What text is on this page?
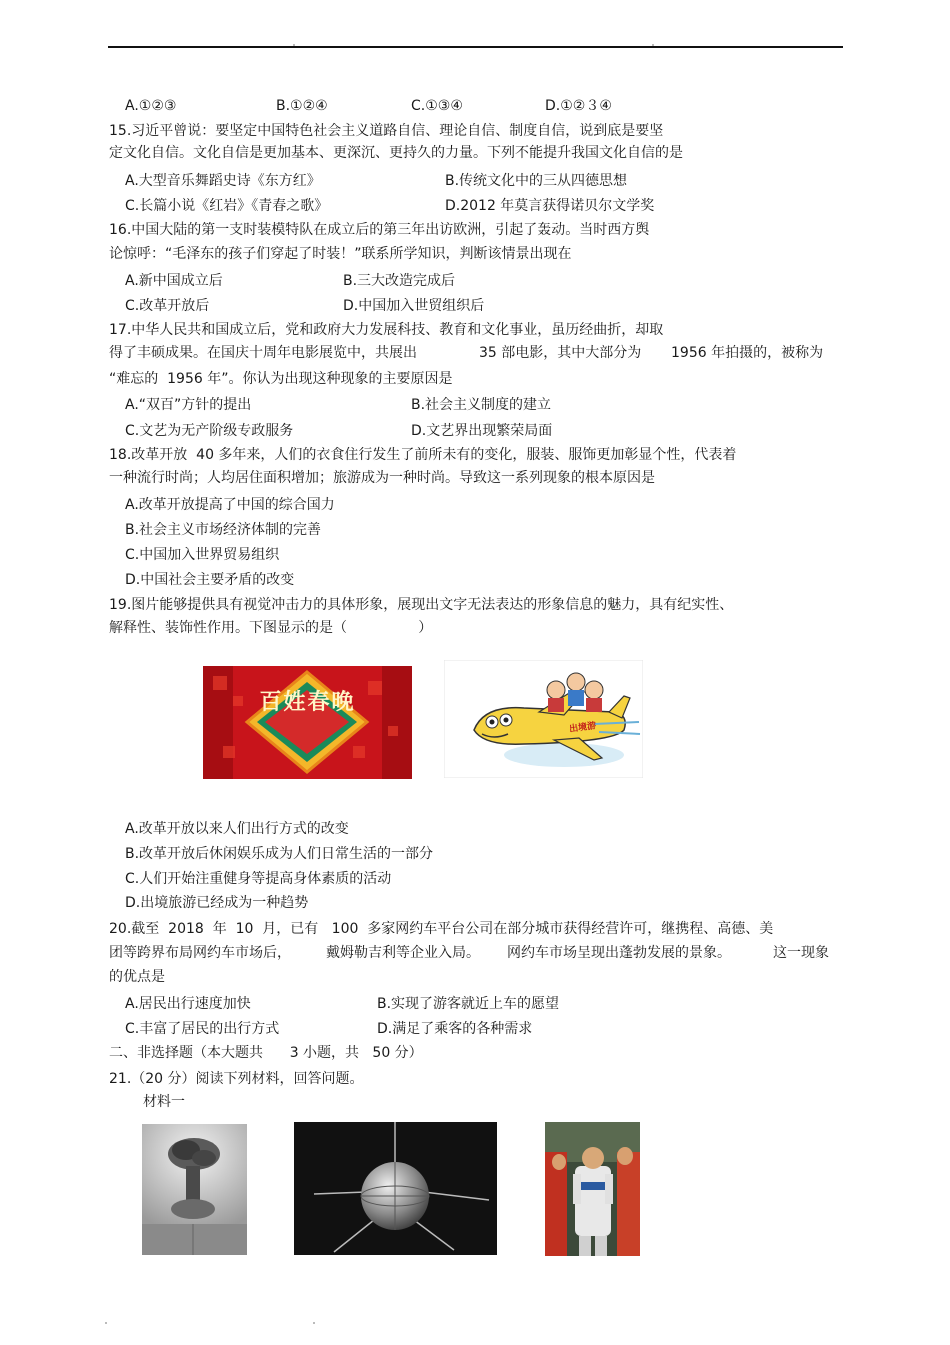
A.①②③	B.①②④	C.①③④	D.①②３④
15.习近平曾说：要坚定中国特色社会主义道路自信、理论自信、制度自信，说到底是要坚
定文化自信。文化自信是更加基本、更深沉、更持久的力量。下列不能提升我国文化自信的是
A.大型音乐舞蹈史诗《东方红》	B.传统文化中的三从四德思想
C.长篇小说《红岩》《青春之歌》	D.2012 年莫言获得诺贝尔文学奖
16.中国大陆的第一支时装模特队在成立后的第三年出访欧洲，引起了轰动。当时西方舆
论惊呼：“毛泽东的孩子们穿起了时装！”联系所学知识，判断该情景出现在
A.新中国成立后	B.三大改造完成后
C.改革开放后	D.中国加入世贸组织后
17.中华人民共和国成立后，党和政府大力发展科技、教育和文化事业，虽历经曲折，却取
得了丰硕成果。在国庆十周年电影展览中，共展出	35 部电影，其中大部分为 1956 年拍摄的，被称为
“难忘的  1956 年”。你认为出现这种现象的主要原因是
A.“双百”方针的提出	B.社会主义制度的建立
C.文艺为无产阶级专政服务	D.文艺界出现繁荣局面
18.改革开放  40 多年来，人们的衣食住行发生了前所未有的变化，服装、服饰更加彰显个性，代表着
一种流行时尚；人均居住面积增加；旅游成为一种时尚。导致这一系列现象的根本原因是
A.改革开放提高了中国的综合国力
B.社会主义市场经济体制的完善
C.中国加入世界贸易组织
D.中国社会主要矛盾的改变
19.图片能够提供具有视觉冲击力的具体形象，展现出文字无法表达的形象信息的魅力，具有纪实性、
解释性、装饰性作用。下图显示的是（                ）
百姓春晚
出境游
A.改革开放以来人们出行方式的改变
B.改革开放后休闲娱乐成为人们日常生活的一部分
C.人们开始注重健身等提高身体素质的活动
D.出境旅游已经成为一种趋势
20.截至  2018  年  10  月，已有   100  多家网约车平台公司在部分城市获得经营许可，继携程、高德、美
团等跨界布局网约车市场后，	戴姆勒吉利等企业入局。 网约车市场呈现出蓬勃发展的景象。	这一现象
的优点是
A.居民出行速度加快	B.实现了游客就近上车的愿望
C.丰富了居民的出行方式	D.满足了乘客的各种需求
二、非选择题（本大题共      3 小题，共   50 分）
21.（20 分）阅读下列材料，回答问题。
材料一
